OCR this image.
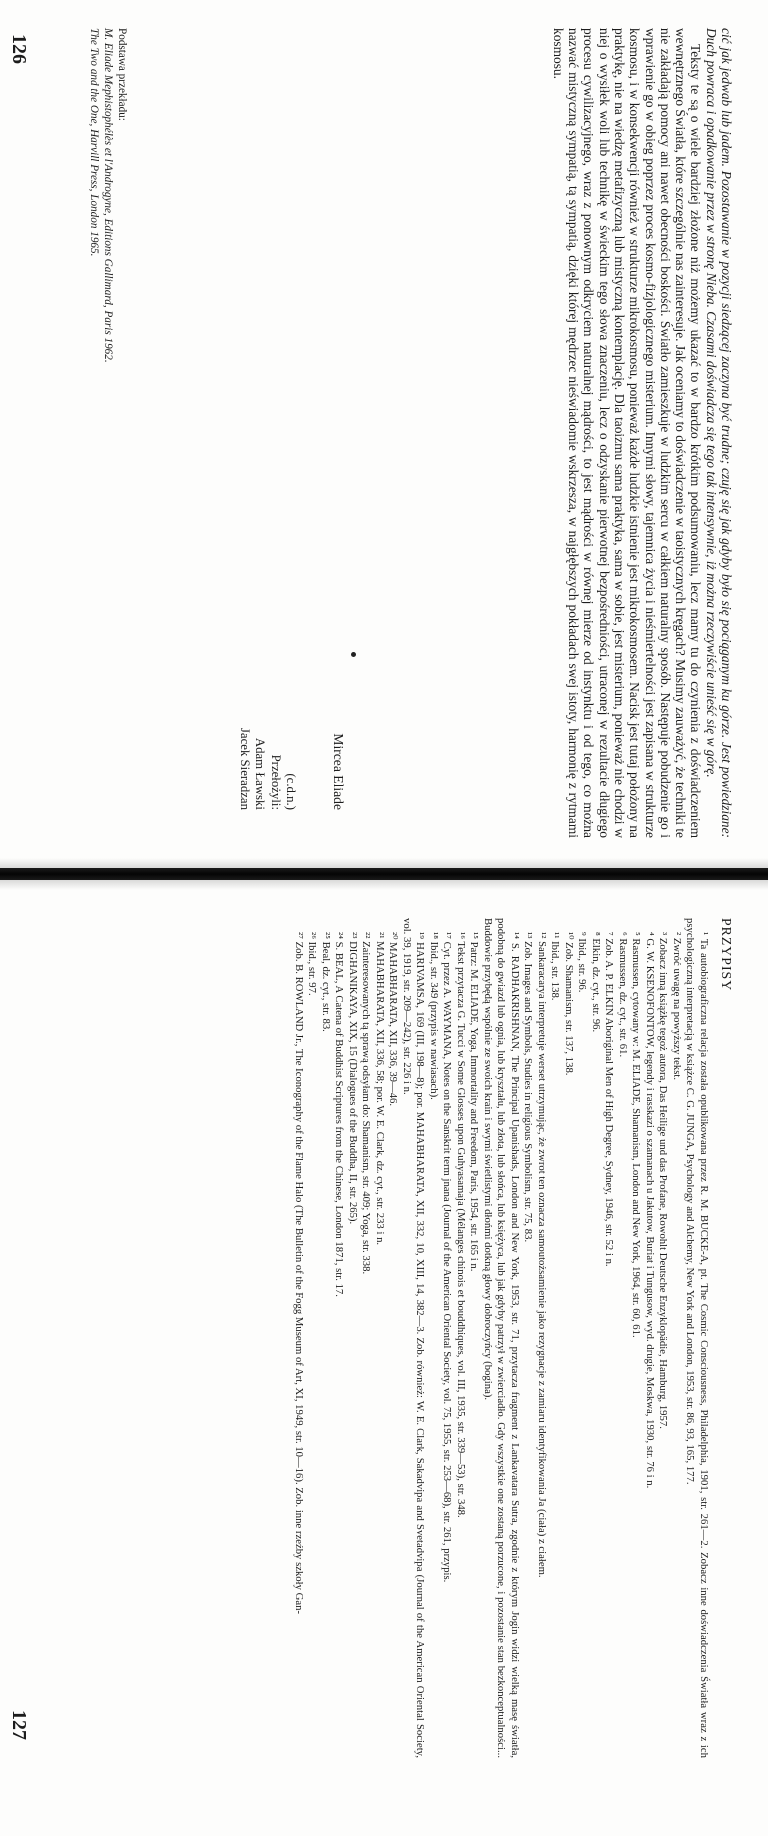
cić jak jedwab lub jadem. Pozostawanie w pozycji siedzącej zaczyna być trudne; czuję się jak gdyby było się pociąganym ku górze. Jest powiedziane: Duch powraca i opadkowanie przez w stronę Nieba. Czasami doświadcza się tego tak intensywnie, iż można rzeczywiście unieść się w górę.

Teksty te są o wiele bardziej złożone niż możemy ukazać to w bardzo krótkim podsumowaniu, lecz mamy tu do czynienia z doświadczeniem wewnętrznego Światła, które szczególnie nas zainteresuje. Jak oceniamy to doświadczenie w taoistycznych kręgach? Musimy zauważyć, że techniki te nie zakładają pomocy ani nawet obecności boskości. Światło zamieszkuje w ludzkim sercu w całkiem naturalny sposób. Następuje pobudzenie go i wprawienie go w obieg poprzez proces kosmo-fizjologicznego misterium. Innymi słowy, tajemnica życia i nieśmiertelności jest zapisana w strukturze kosmosu, i w konsekwencji również w strukturze mikrokosmosu, ponieważ każde ludzkie istnienie jest mikrokosmosem. Nacisk jest tutaj położony na praktykę, nie na wiedzę metafizyczną lub mistyczną kontemplację. Dla taoizmu sama praktyka, sama w sobie, jest misterium, ponieważ nie chodzi w niej o wysiłek woli lub technikę w świeckim tego słowa znaczeniu, lecz o odzyskanie pierwotnej bezpośredniości, utraconej w rezultacie długiego procesu cywilizacyjnego, wraz z ponownym odkryciem naturalnej mądrości, to jest mądrości w równej mierze od instynktu i od tego, co można nazwać mistyczną sympatią, tą sympatią, dzięki której mędrzec nieświadomie wskrzesza, w najgłębszych pokładach swej istoty, harmonię z rytmami kosmosu.

Mircea Eliade
(c.d.n.)
Przełożyli:
Adam Ławski
Jacek Sieradzan
Podstawa przekładu:
M. Eliade Mephistophélès et l'Androgyne, Editions Gallimard, Paris 1962.
The Two and the One, Harvill Press, London 1965.
126
PRZYPISY

¹ Ta autobiograficzna relacja została opublikowana przez R. M. BUCKE-A, pt. The Cosmic Consciousness, Philadelphia, 1901, str. 261—2. Zobacz inne doświadczenia Światła wraz z ich psychologiczną interpretacją w książce C. G. JUNGA, Psychology and Alchemy, New York and London, 1953, str. 86, 93, 165, 177.

² Zwróć uwagę na powyższy tekst.

³ Zobacz inną książkę tegoż autora, Das Heilige und das Profane, Rowohlt Deutsche Enzyklopädie, Hamburg, 1957.

⁴ G. W. KSENOFONTOW, legendy i rasskazi o szamanach u Jakutow, Buriat i Tungusow, wyd. drugie, Moskwa, 1930, str. 76 i n.

⁵ Rasmussen, cytowany w: M. ELIADE, Shamanism, London and New York, 1964, str. 60, 61.

⁶ Rasmussen, dz. cyt., str. 61.

⁷ Zob. A. P. ELKIN Aboriginal Men of High Degree, Sydney, 1946, str. 52 i n.

⁸ Elkin, dz. cyt., str. 96.

⁹ Ibid., str. 96.

¹⁰ Zob. Shamanism, str. 137, 138.

¹¹ Ibid., str. 138.

¹² Sankaracarya interpretuje werset utrzymując, że zwrot ten oznacza samoutożsamienie jako rezygnacje z zamiaru identyfikowania Ja (ciała) z ciałem.

¹³ Zob. Images and Symbols, Studies in religious Symbolism, str. 75, 83.

¹⁴ S. RADHAKRISHNAN, The Principal Upanishads, London and New York, 1953, str. 71, przytacza fragment z Lankavatara Sutra, zgodnie z którym Jogin widzi wielką masę światła, podobną do gwiazd lub ognia, lub kryształu, lub złota, lub słońca, lub księżyca, lub jak gdyby patrzył w zwierciadło. Gdy wszystkie one zostaną porzucone, i pozostanie stan bezkonceptualności... Buddowie przybędą wspólnie ze swoich krain i swymi świetlistymi dłońmi dotkną głowy dobroczyńcy (bogina).

¹⁵ Patrz: M. ELIADE, Yoga, Immortality and Freedom, Paris, 1954, str. 165 i n.

¹⁶ Tekst przytacza G. Tucci w Some Glosses upon Guhyasamaja (Mélanges chinois et bouddhiques, vol. III, 1935, str. 339—53), str. 348.

¹⁷ Cyt. przez A. WAYMANA, Notes on the Sanskrit term jnana (Journal of the American Oriental Society, vol. 75, 1955, str. 253—68), str. 261, przypis.

¹⁸ Ibid., str. 349 (przypis w nawiasach).

¹⁹ HARIVAMSA, 169 (III, 198—8); por. MAHABHARATA, XII, 332, 10, XIII, 14, 382—3. Zob. również: W. E. Clark, Sakadvipa and Svetadvipa (Journal of the American Oriental Society, vol. 39, 1919, str. 209—242), str. 226 i n.

²⁰ MAHABHARATA, XII, 336, 39—46.

²¹ MAHABHARATA, XII, 336, 58; por. W. E. Clark, dz. cyt., str. 233 i n.

²² Zainteresowanych tą sprawą odsyłam do: Shamanism, str. 409; Yoga, str. 338.

²³ DIGHANIKAYA, XIX, 15 (Dialogues of the Buddha, II, str. 265).

²⁴ S. BEAL, A Catena of Buddhist Scriptures from the Chinese, London 1871, str. 17.

²⁵ Beal, dz. cyt., str. 83.

²⁶ Ibid., str. 97.

²⁷ Zob. B. ROWLAND Jr., The Iconography of the Flame Halo (The Bulletin of the Fogg Museum of Art, XI, 1949, str. 10—16). Zob. inne rzeźby szkoły Gan-

127
